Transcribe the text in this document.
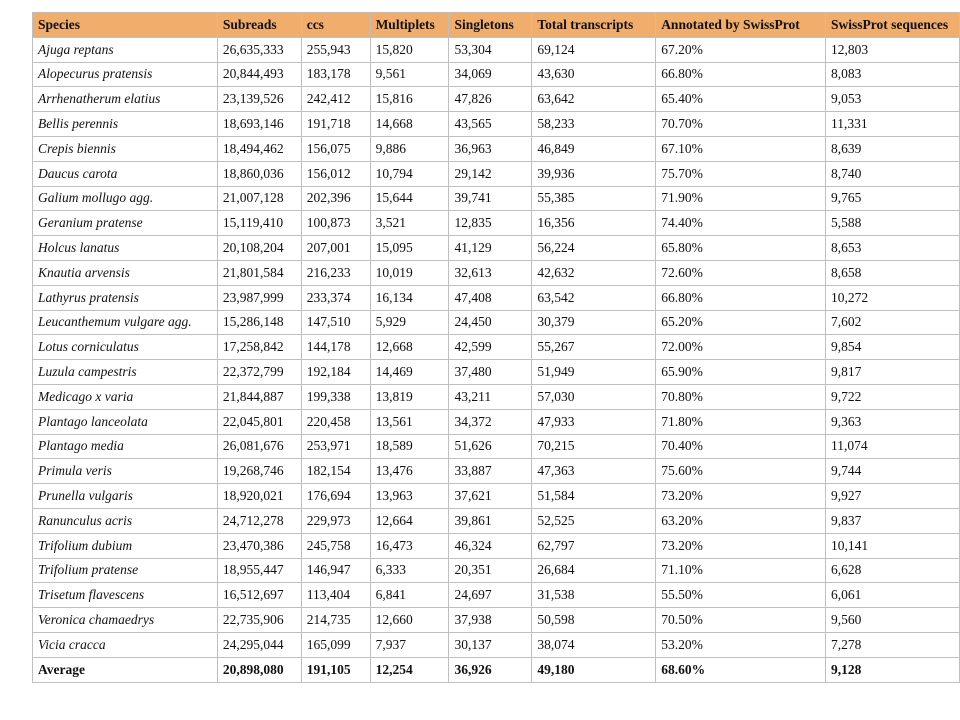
Species	Subreads	ccs	Multiplets	Singletons	Total transcripts	Annotated by SwissProt	SwissProt sequences
Ajuga reptans	26,635,333	255,943	15,820	53,304	69,124	67.20%	12,803
Alopecurus pratensis	20,844,493	183,178	9,561	34,069	43,630	66.80%	8,083
Arrhenatherum elatius	23,139,526	242,412	15,816	47,826	63,642	65.40%	9,053
Bellis perennis	18,693,146	191,718	14,668	43,565	58,233	70.70%	11,331
Crepis biennis	18,494,462	156,075	9,886	36,963	46,849	67.10%	8,639
Daucus carota	18,860,036	156,012	10,794	29,142	39,936	75.70%	8,740
Galium mollugo agg.	21,007,128	202,396	15,644	39,741	55,385	71.90%	9,765
Geranium pratense	15,119,410	100,873	3,521	12,835	16,356	74.40%	5,588
Holcus lanatus	20,108,204	207,001	15,095	41,129	56,224	65.80%	8,653
Knautia arvensis	21,801,584	216,233	10,019	32,613	42,632	72.60%	8,658
Lathyrus pratensis	23,987,999	233,374	16,134	47,408	63,542	66.80%	10,272
Leucanthemum vulgare agg.	15,286,148	147,510	5,929	24,450	30,379	65.20%	7,602
Lotus corniculatus	17,258,842	144,178	12,668	42,599	55,267	72.00%	9,854
Luzula campestris	22,372,799	192,184	14,469	37,480	51,949	65.90%	9,817
Medicago x varia	21,844,887	199,338	13,819	43,211	57,030	70.80%	9,722
Plantago lanceolata	22,045,801	220,458	13,561	34,372	47,933	71.80%	9,363
Plantago media	26,081,676	253,971	18,589	51,626	70,215	70.40%	11,074
Primula veris	19,268,746	182,154	13,476	33,887	47,363	75.60%	9,744
Prunella vulgaris	18,920,021	176,694	13,963	37,621	51,584	73.20%	9,927
Ranunculus acris	24,712,278	229,973	12,664	39,861	52,525	63.20%	9,837
Trifolium dubium	23,470,386	245,758	16,473	46,324	62,797	73.20%	10,141
Trifolium pratense	18,955,447	146,947	6,333	20,351	26,684	71.10%	6,628
Trisetum flavescens	16,512,697	113,404	6,841	24,697	31,538	55.50%	6,061
Veronica chamaedrys	22,735,906	214,735	12,660	37,938	50,598	70.50%	9,560
Vicia cracca	24,295,044	165,099	7,937	30,137	38,074	53.20%	7,278
Average	20,898,080	191,105	12,254	36,926	49,180	68.60%	9,128
